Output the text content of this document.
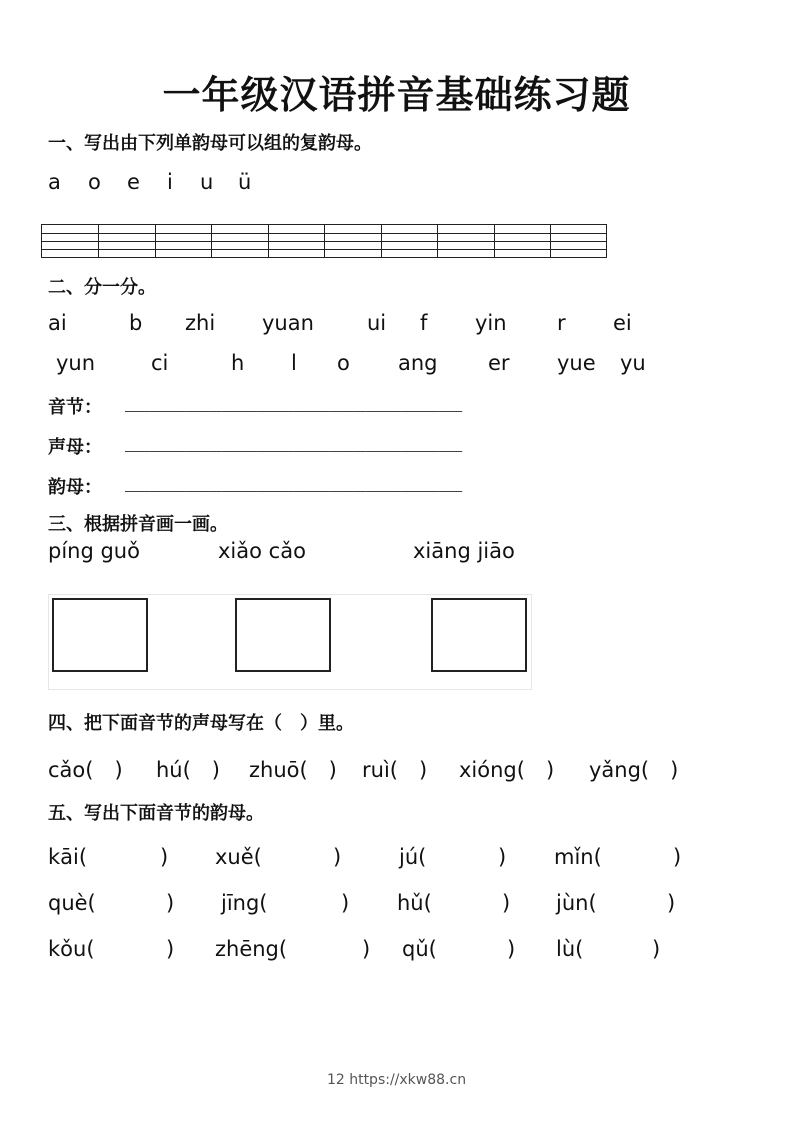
一年级汉语拼音基础练习题
一、写出由下列单韵母可以组的复韵母。
a o e i u ü
二、分一分。
ai	b zhi yuan	ui f yin r ei
yun	ci	h l o ang er yue yu
音节： ____________________________
声母： ____________________________
韵母： ____________________________
三、根据拼音画一画。
píng guǒ	xiǎo cǎo	xiāng jiāo
四、把下面音节的声母写在（　）里。
cǎo(　) hú(　) zhuō(　) ruì(　) xióng(　) yǎng(　)
五、写出下面音节的韵母。
kāi(	) xuě(	)	jú(	) mǐn(	)
què(	) jīng(	) hǔ(	) jùn(	)
kǒu(	) zhēng(	) qǔ(	) lù(	)
12 https://xkw88.cn
